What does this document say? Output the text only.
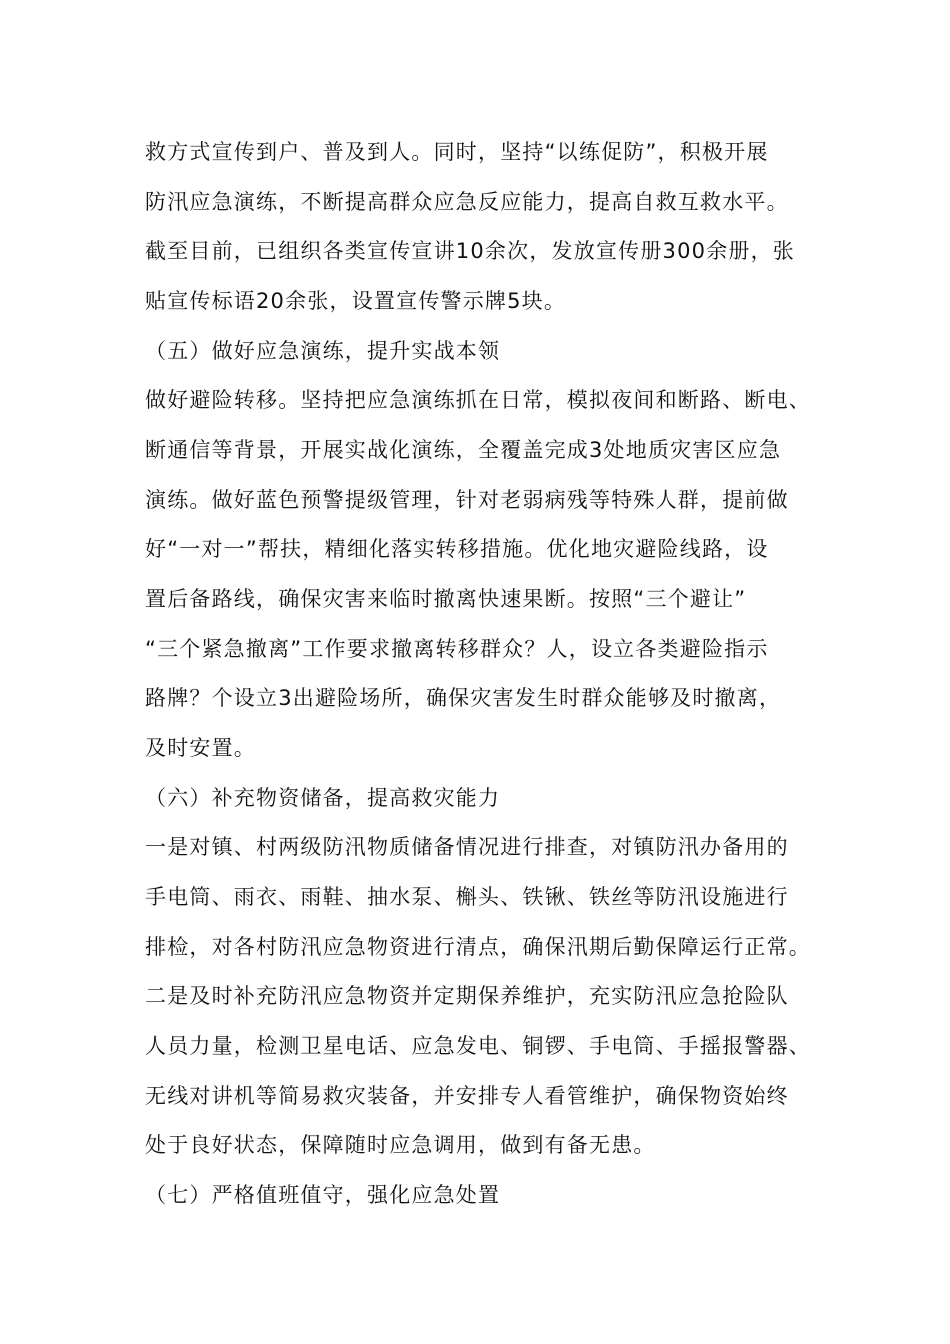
救方式宣传到户、普及到人。同时，坚持“以练促防”，积极开展
防汛应急演练，不断提高群众应急反应能力，提高自救互救水平。
截至目前，已组织各类宣传宣讲10余次，发放宣传册300余册，张
贴宣传标语20余张，设置宣传警示牌5块。
（五）做好应急演练，提升实战本领
做好避险转移。坚持把应急演练抓在日常，模拟夜间和断路、断电、
断通信等背景，开展实战化演练，全覆盖完成3处地质灾害区应急
演练。做好蓝色预警提级管理，针对老弱病残等特殊人群，提前做
好“一对一”帮扶，精细化落实转移措施。优化地灾避险线路，设
置后备路线，确保灾害来临时撤离快速果断。按照“三个避让”
“三个紧急撤离”工作要求撤离转移群众？人，设立各类避险指示
路牌？个设立3出避险场所，确保灾害发生时群众能够及时撤离，
及时安置。
（六）补充物资储备，提高救灾能力
一是对镇、村两级防汛物质储备情况进行排查，对镇防汛办备用的
手电筒、雨衣、雨鞋、抽水泵、槲头、铁锹、铁丝等防汛设施进行
排检，对各村防汛应急物资进行清点，确保汛期后勤保障运行正常。
二是及时补充防汛应急物资并定期保养维护，充实防汛应急抢险队
人员力量，检测卫星电话、应急发电、铜锣、手电筒、手摇报警器、
无线对讲机等简易救灾装备，并安排专人看管维护，确保物资始终
处于良好状态，保障随时应急调用，做到有备无患。
（七）严格值班值守，强化应急处置
